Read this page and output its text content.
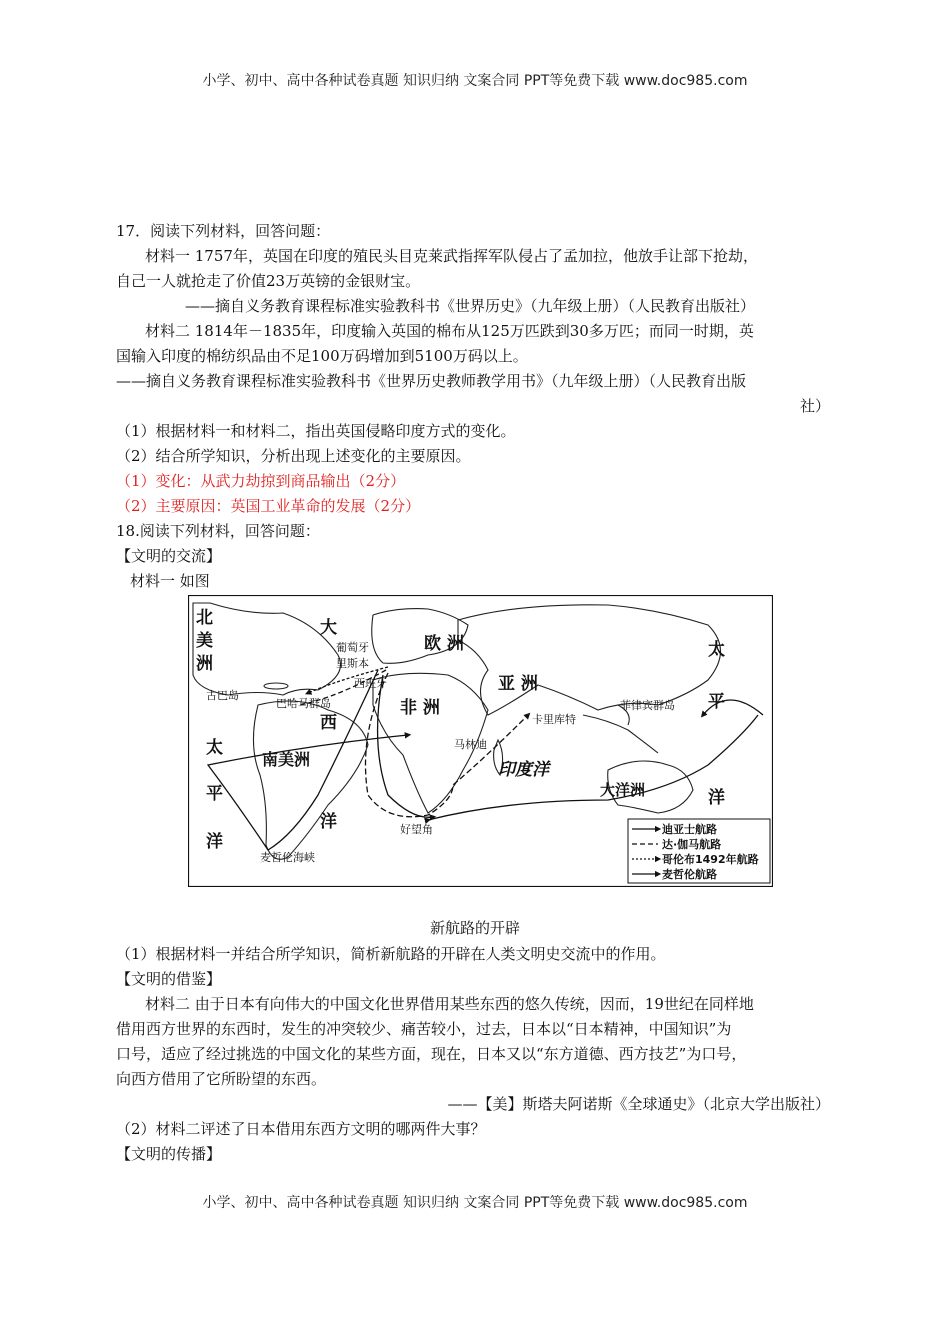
小学、初中、高中各种试卷真题 知识归纳 文案合同 PPT等免费下载 www.doc985.com
17．阅读下列材料，回答问题：
材料一 1757年，英国在印度的殖民头目克莱武指挥军队侵占了孟加拉，他放手让部下抢劫，
自己一人就抢走了价值23万英镑的金银财宝。
——摘自义务教育课程标准实验教科书《世界历史》（九年级上册）（人民教育出版社）
材料二 1814年－1835年，印度输入英国的棉布从125万匹跌到30多万匹；而同一时期，英
国输入印度的棉纺织品由不足100万码增加到5100万码以上。
——摘自义务教育课程标准实验教科书《世界历史教师教学用书》（九年级上册）（人民教育出版
社）
（1）根据材料一和材料二，指出英国侵略印度方式的变化。
（2）结合所学知识，分析出现上述变化的主要原因。
（1）变化：从武力劫掠到商品输出（2分）
（2）主要原因：英国工业革命的发展（2分）
18.阅读下列材料，回答问题：
【文明的交流】
材料一 如图
北
美
洲
大
西
洋
欧 洲
亚 洲
非 洲
南美洲
印度洋
大洋洲
太
平
洋
太
平
洋
葡萄牙
里斯本
西班牙
古巴岛
巴哈马群岛
卡里库特
马林迪
菲律宾群岛
好望角
麦哲伦海峡
迪亚士航路
达·伽马航路
哥伦布1492年航路
麦哲伦航路
新航路的开辟
（1）根据材料一并结合所学知识，简析新航路的开辟在人类文明史交流中的作用。
【文明的借鉴】
材料二 由于日本有向伟大的中国文化世界借用某些东西的悠久传统，因而，19世纪在同样地
借用西方世界的东西时，发生的冲突较少、痛苦较小，过去，日本以“日本精神，中国知识”为
口号，适应了经过挑选的中国文化的某些方面，现在，日本又以“东方道德、西方技艺”为口号，
向西方借用了它所盼望的东西。
——【美】斯塔夫阿诺斯《全球通史》（北京大学出版社）
（2）材料二评述了日本借用东西方文明的哪两件大事？
【文明的传播】
小学、初中、高中各种试卷真题 知识归纳 文案合同 PPT等免费下载 www.doc985.com
